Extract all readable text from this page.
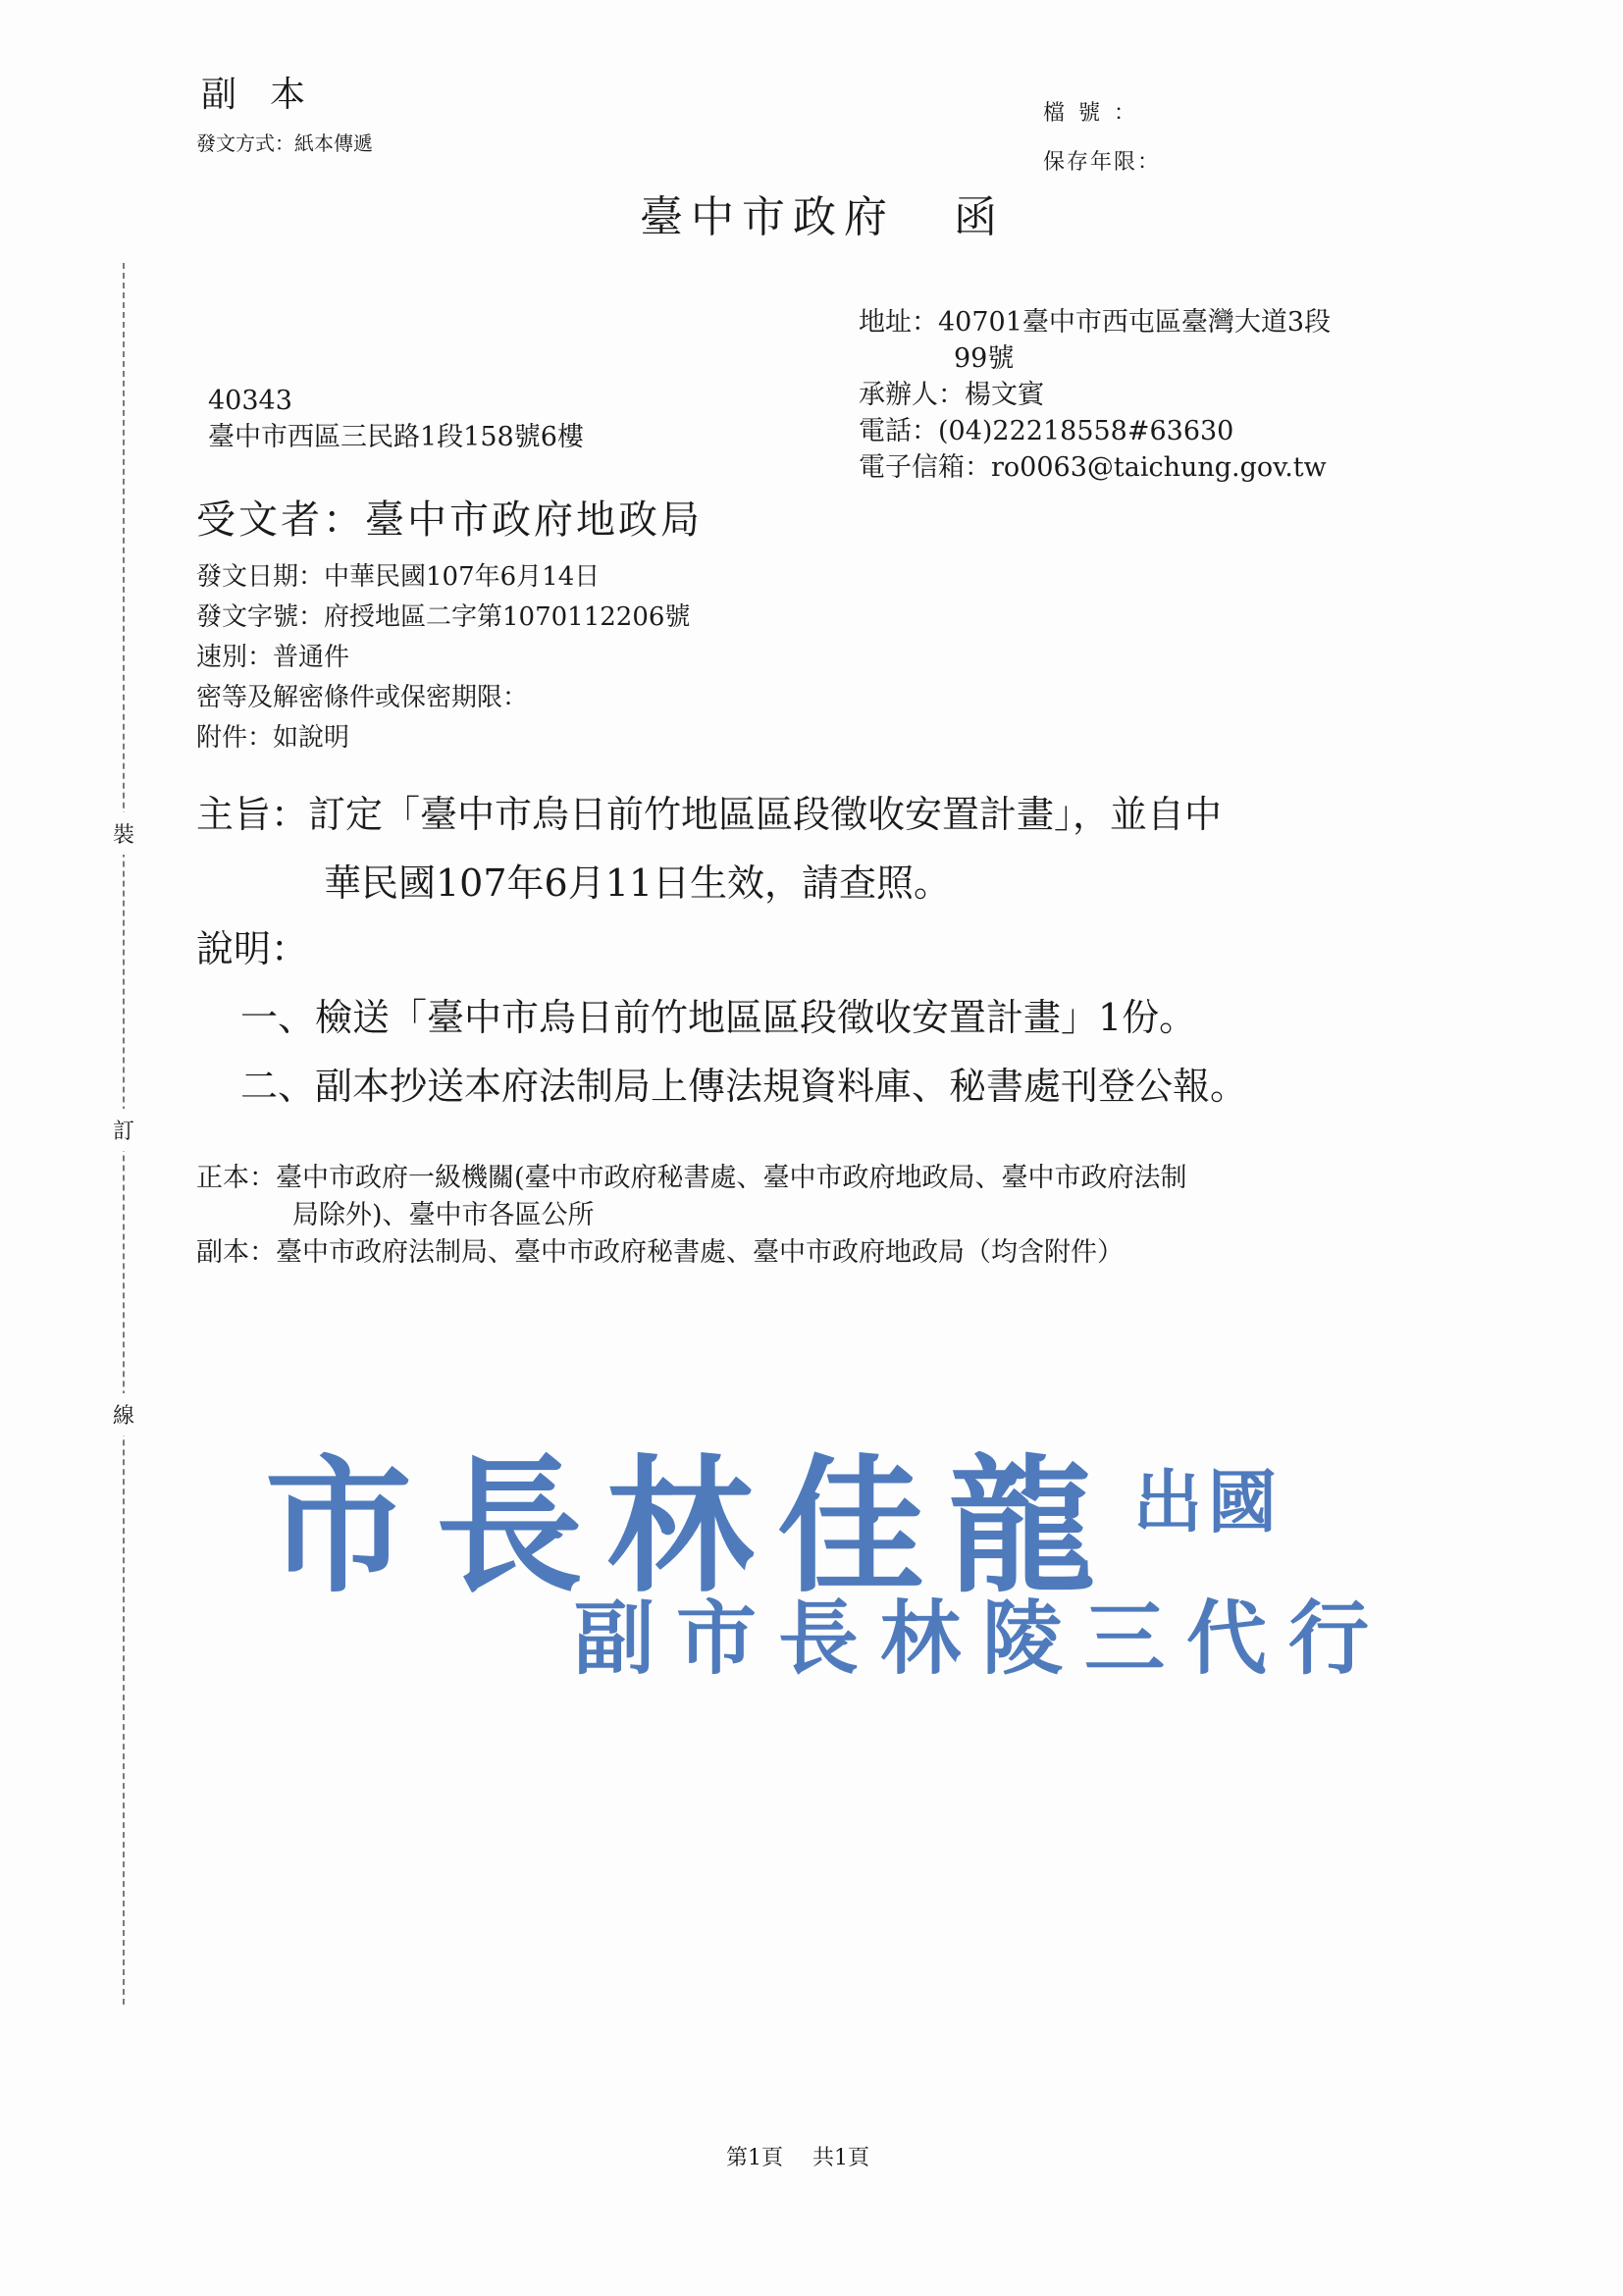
副本
發文方式：紙本傳遞
檔號：
保存年限：
臺中市政府 函
裝
訂
線
地址：40701臺中市西屯區臺灣大道3段
99號
承辦人：楊文賓
電話：(04)22218558#63630
電子信箱：ro0063@taichung.gov.tw
40343
臺中市西區三民路1段158號6樓
受文者：臺中市政府地政局
發文日期：中華民國107年6月14日
發文字號：府授地區二字第1070112206號
速別：普通件
密等及解密條件或保密期限：
附件：如說明
主旨：訂定「臺中市烏日前竹地區區段徵收安置計畫」，並自中
華民國107年6月11日生效，請查照。
說明：
一、檢送「臺中市烏日前竹地區區段徵收安置計畫」1份。
二、副本抄送本府法制局上傳法規資料庫、秘書處刊登公報。
正本：臺中市政府一級機關(臺中市政府秘書處、臺中市政府地政局、臺中市政府法制
局除外)、臺中市各區公所
副本：臺中市政府法制局、臺中市政府秘書處、臺中市政府地政局（均含附件）
市長林佳龍 出國
副市長林陵三代行
第1頁 共1頁
